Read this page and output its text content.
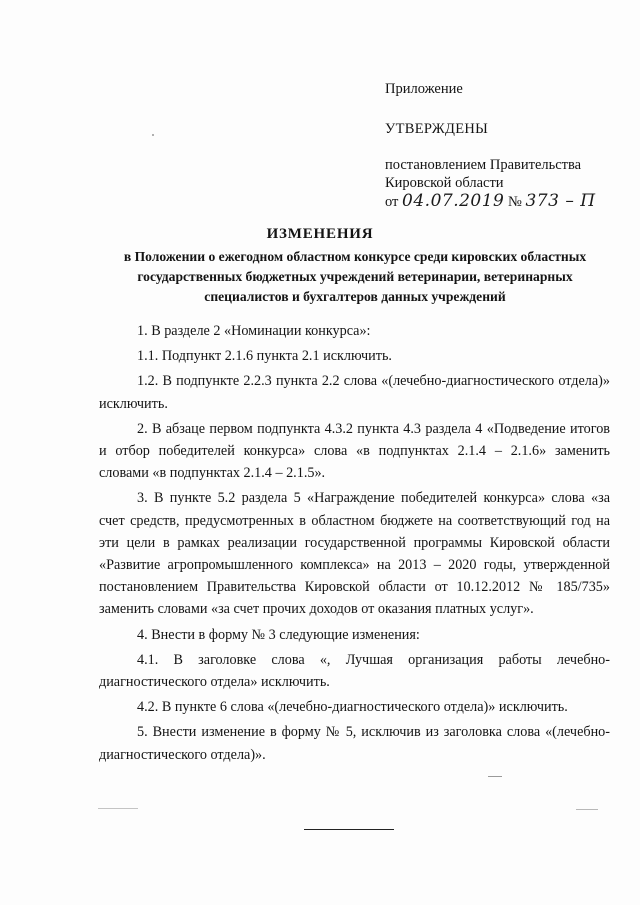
Приложение
УТВЕРЖДЕНЫ
постановлением Правительства
Кировской области
от 04.07.2019 № 373 – П
ИЗМЕНЕНИЯ
в Положении о ежегодном областном конкурсе среди кировских областных государственных бюджетных учреждений ветеринарии, ветеринарных специалистов и бухгалтеров данных учреждений

1. В разделе 2 «Номинации конкурса»:

1.1. Подпункт 2.1.6 пункта 2.1 исключить.

1.2. В подпункте 2.2.3 пункта 2.2 слова «(лечебно-диагностического отдела)» исключить.

2. В абзаце первом подпункта 4.3.2 пункта 4.3 раздела 4 «Подведение итогов и отбор победителей конкурса» слова «в подпунктах 2.1.4 – 2.1.6» заменить словами «в подпунктах 2.1.4 – 2.1.5».

3. В пункте 5.2 раздела 5 «Награждение победителей конкурса» слова «за счет средств, предусмотренных в областном бюджете на соответствующий год на эти цели в рамках реализации государственной программы Кировской области «Развитие агропромышленного комплекса» на 2013 – 2020 годы, утвержденной постановлением Правительства Кировской области от 10.12.2012 № 185/735» заменить словами «за счет прочих доходов от оказания платных услуг».

4. Внести в форму № 3 следующие изменения:

4.1. В заголовке слова «, Лучшая организация работы лечебно-диагностического отдела» исключить.

4.2. В пункте 6 слова «(лечебно-диагностического отдела)» исключить.

5. Внести изменение в форму № 5, исключив из заголовка слова «(лечебно-диагностического отдела)».
